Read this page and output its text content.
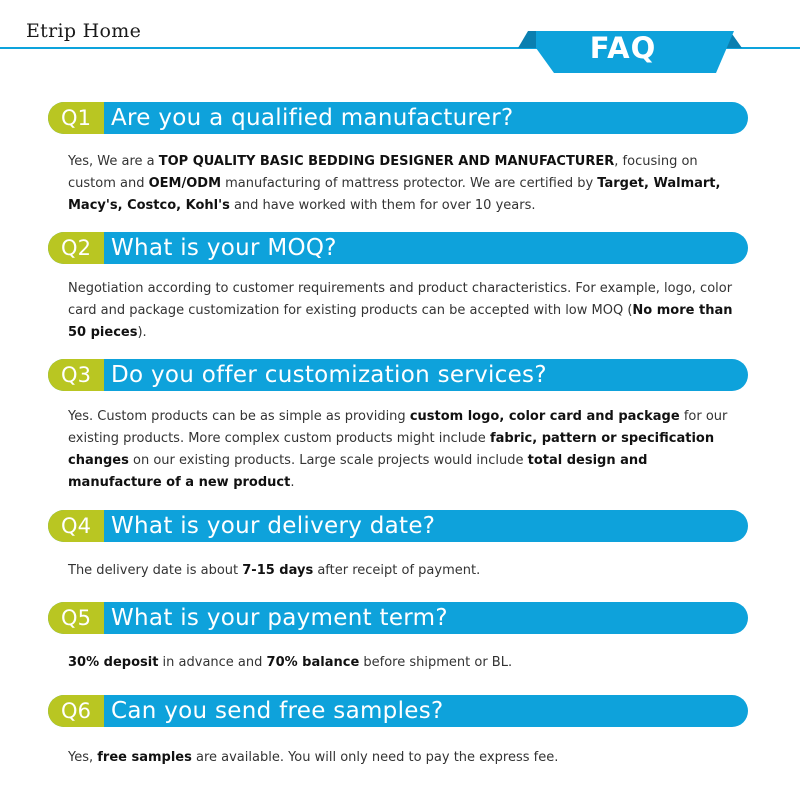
Etrip Home	FAQ
Q1 Are you a qualified manufacturer?
Yes, We are a TOP QUALITY BASIC BEDDING DESIGNER AND MANUFACTURER, focusing on custom and OEM/ODM manufacturing of mattress protector. We are certified by Target, Walmart, Macy's, Costco, Kohl's and have worked with them for over 10 years.
Q2 What is your MOQ?
Negotiation according to customer requirements and product characteristics. For example, logo, color card and package customization for existing products can be accepted with low MOQ (No more than 50 pieces).
Q3 Do you offer customization services?
Yes. Custom products can be as simple as providing custom logo, color card and package for our existing products. More complex custom products might include fabric, pattern or specification changes on our existing products. Large scale projects would include total design and manufacture of a new product.
Q4 What is your delivery date?
The delivery date is about 7-15 days after receipt of payment.
Q5 What is your payment term?
30% deposit in advance and 70% balance before shipment or BL.
Q6 Can you send free samples?
Yes, free samples are available. You will only need to pay the express fee.
